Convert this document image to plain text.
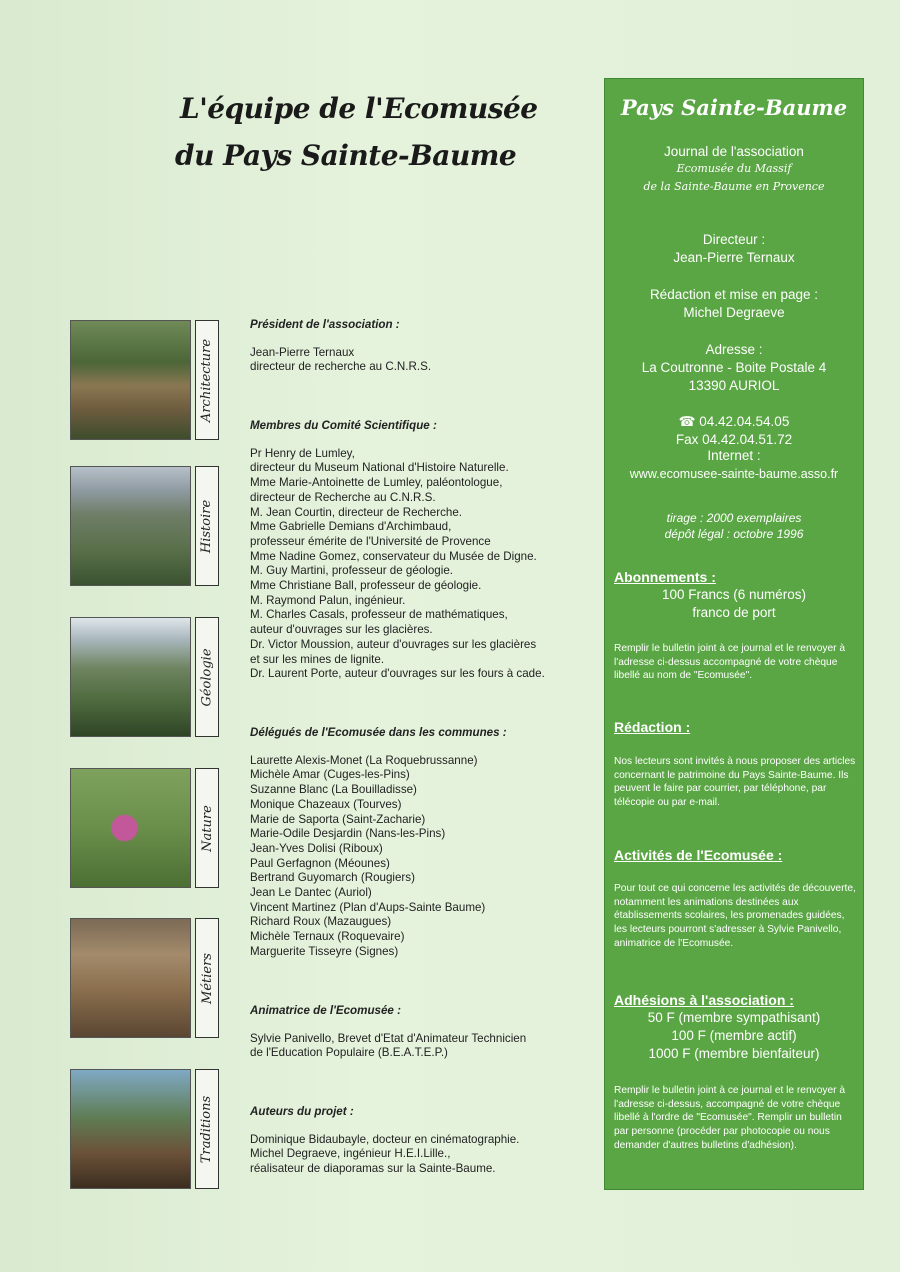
L'équipe de l'Ecomusée
du Pays Sainte-Baume
Architecture
Histoire
Géologie
Nature
Métiers
Traditions
Président de l'association :
Jean-Pierre Ternaux
directeur de recherche au C.N.R.S.
Membres du Comité Scientifique :
Pr Henry de Lumley,
directeur du Museum National d'Histoire Naturelle.
Mme Marie-Antoinette de Lumley, paléontologue,
directeur de Recherche au C.N.R.S.
M. Jean Courtin, directeur de Recherche.
Mme Gabrielle Demians d'Archimbaud,
professeur émérite de l'Université de Provence
Mme Nadine Gomez, conservateur du Musée de Digne.
M. Guy Martini, professeur de géologie.
Mme Christiane Ball, professeur de géologie.
M. Raymond Palun, ingénieur.
M. Charles Casals, professeur de mathématiques,
auteur d'ouvrages sur les glacières.
Dr. Victor Moussion, auteur d'ouvrages sur les glacières
et sur les mines de lignite.
Dr. Laurent Porte, auteur d'ouvrages sur les fours à cade.
Délégués de l'Ecomusée dans les communes :
Laurette Alexis-Monet (La Roquebrussanne)
Michèle Amar (Cuges-les-Pins)
Suzanne Blanc (La Bouilladisse)
Monique Chazeaux (Tourves)
Marie de Saporta (Saint-Zacharie)
Marie-Odile Desjardin (Nans-les-Pins)
Jean-Yves Dolisi (Riboux)
Paul Gerfagnon (Méounes)
Bertrand Guyomarch (Rougiers)
Jean Le Dantec (Auriol)
Vincent Martinez (Plan d'Aups-Sainte Baume)
Richard Roux (Mazaugues)
Michèle Ternaux (Roquevaire)
Marguerite Tisseyre (Signes)
Animatrice de l'Ecomusée :
Sylvie Panivello, Brevet d'Etat d'Animateur Technicien
de l'Education Populaire (B.E.A.T.E.P.)
Auteurs du projet :
Dominique Bidaubayle, docteur en cinématographie.
Michel Degraeve, ingénieur H.E.I.Lille.,
réalisateur de diaporamas sur la Sainte-Baume.
Pays Sainte-Baume
Journal de l'association
Ecomusée du Massif
de la Sainte-Baume en Provence
Directeur :
Jean-Pierre Ternaux
Rédaction et mise en page :
Michel Degraeve
Adresse :
La Coutronne - Boite Postale 4
13390 AURIOL
☎ 04.42.04.54.05
Fax 04.42.04.51.72
Internet :
www.ecomusee-sainte-baume.asso.fr
tirage : 2000 exemplaires
dépôt légal : octobre 1996
Abonnements :
100 Francs (6 numéros)
franco de port
Remplir le bulletin joint à ce journal et le renvoyer à l'adresse ci-dessus accompagné de votre chèque libellé au nom de "Ecomusée".
Rédaction :
Nos lecteurs sont invités à nous proposer des articles concernant le patrimoine du Pays Sainte-Baume. Ils peuvent le faire par courrier, par téléphone, par télécopie ou par e-mail.
Activités de l'Ecomusée :
Pour tout ce qui concerne les activités de découverte, notamment les animations destinées aux établissements scolaires, les promenades guidées, les lecteurs pourront s'adresser à Sylvie Panivello, animatrice de l'Ecomusée.
Adhésions à l'association :
50 F (membre sympathisant)
100 F (membre actif)
1000 F (membre bienfaiteur)
Remplir le bulletin joint à ce journal et le renvoyer à l'adresse ci-dessus, accompagné de votre chèque libellé à l'ordre de "Ecomusée". Remplir un bulletin par personne (procéder par photocopie ou nous demander d'autres bulletins d'adhésion).
